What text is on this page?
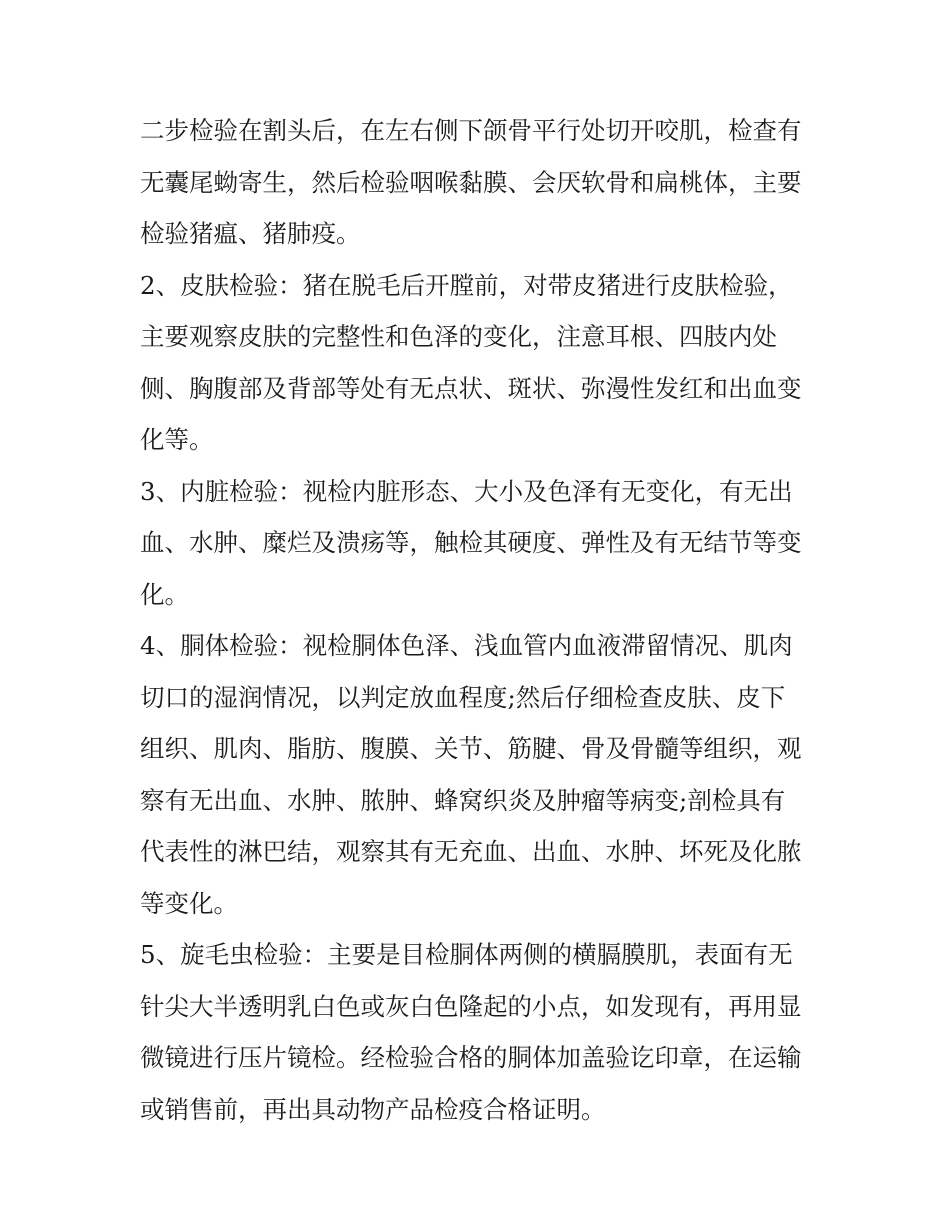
二步检验在割头后，在左右侧下颌骨平行处切开咬肌，检查有
无囊尾蚴寄生，然后检验咽喉黏膜、会厌软骨和扁桃体，主要
检验猪瘟、猪肺疫。

2、皮肤检验：猪在脱毛后开膛前，对带皮猪进行皮肤检验，
主要观察皮肤的完整性和色泽的变化，注意耳根、四肢内处
侧、胸腹部及背部等处有无点状、斑状、弥漫性发红和出血变
化等。

3、内脏检验：视检内脏形态、大小及色泽有无变化，有无出
血、水肿、糜烂及溃疡等，触检其硬度、弹性及有无结节等变
化。

4、胴体检验：视检胴体色泽、浅血管内血液滞留情况、肌肉
切口的湿润情况，以判定放血程度;然后仔细检查皮肤、皮下
组织、肌肉、脂肪、腹膜、关节、筋腱、骨及骨髓等组织，观
察有无出血、水肿、脓肿、蜂窝织炎及肿瘤等病变;剖检具有
代表性的淋巴结，观察其有无充血、出血、水肿、坏死及化脓
等变化。

5、旋毛虫检验：主要是目检胴体两侧的横膈膜肌，表面有无
针尖大半透明乳白色或灰白色隆起的小点，如发现有，再用显
微镜进行压片镜检。经检验合格的胴体加盖验讫印章，在运输
或销售前，再出具动物产品检疫合格证明。
